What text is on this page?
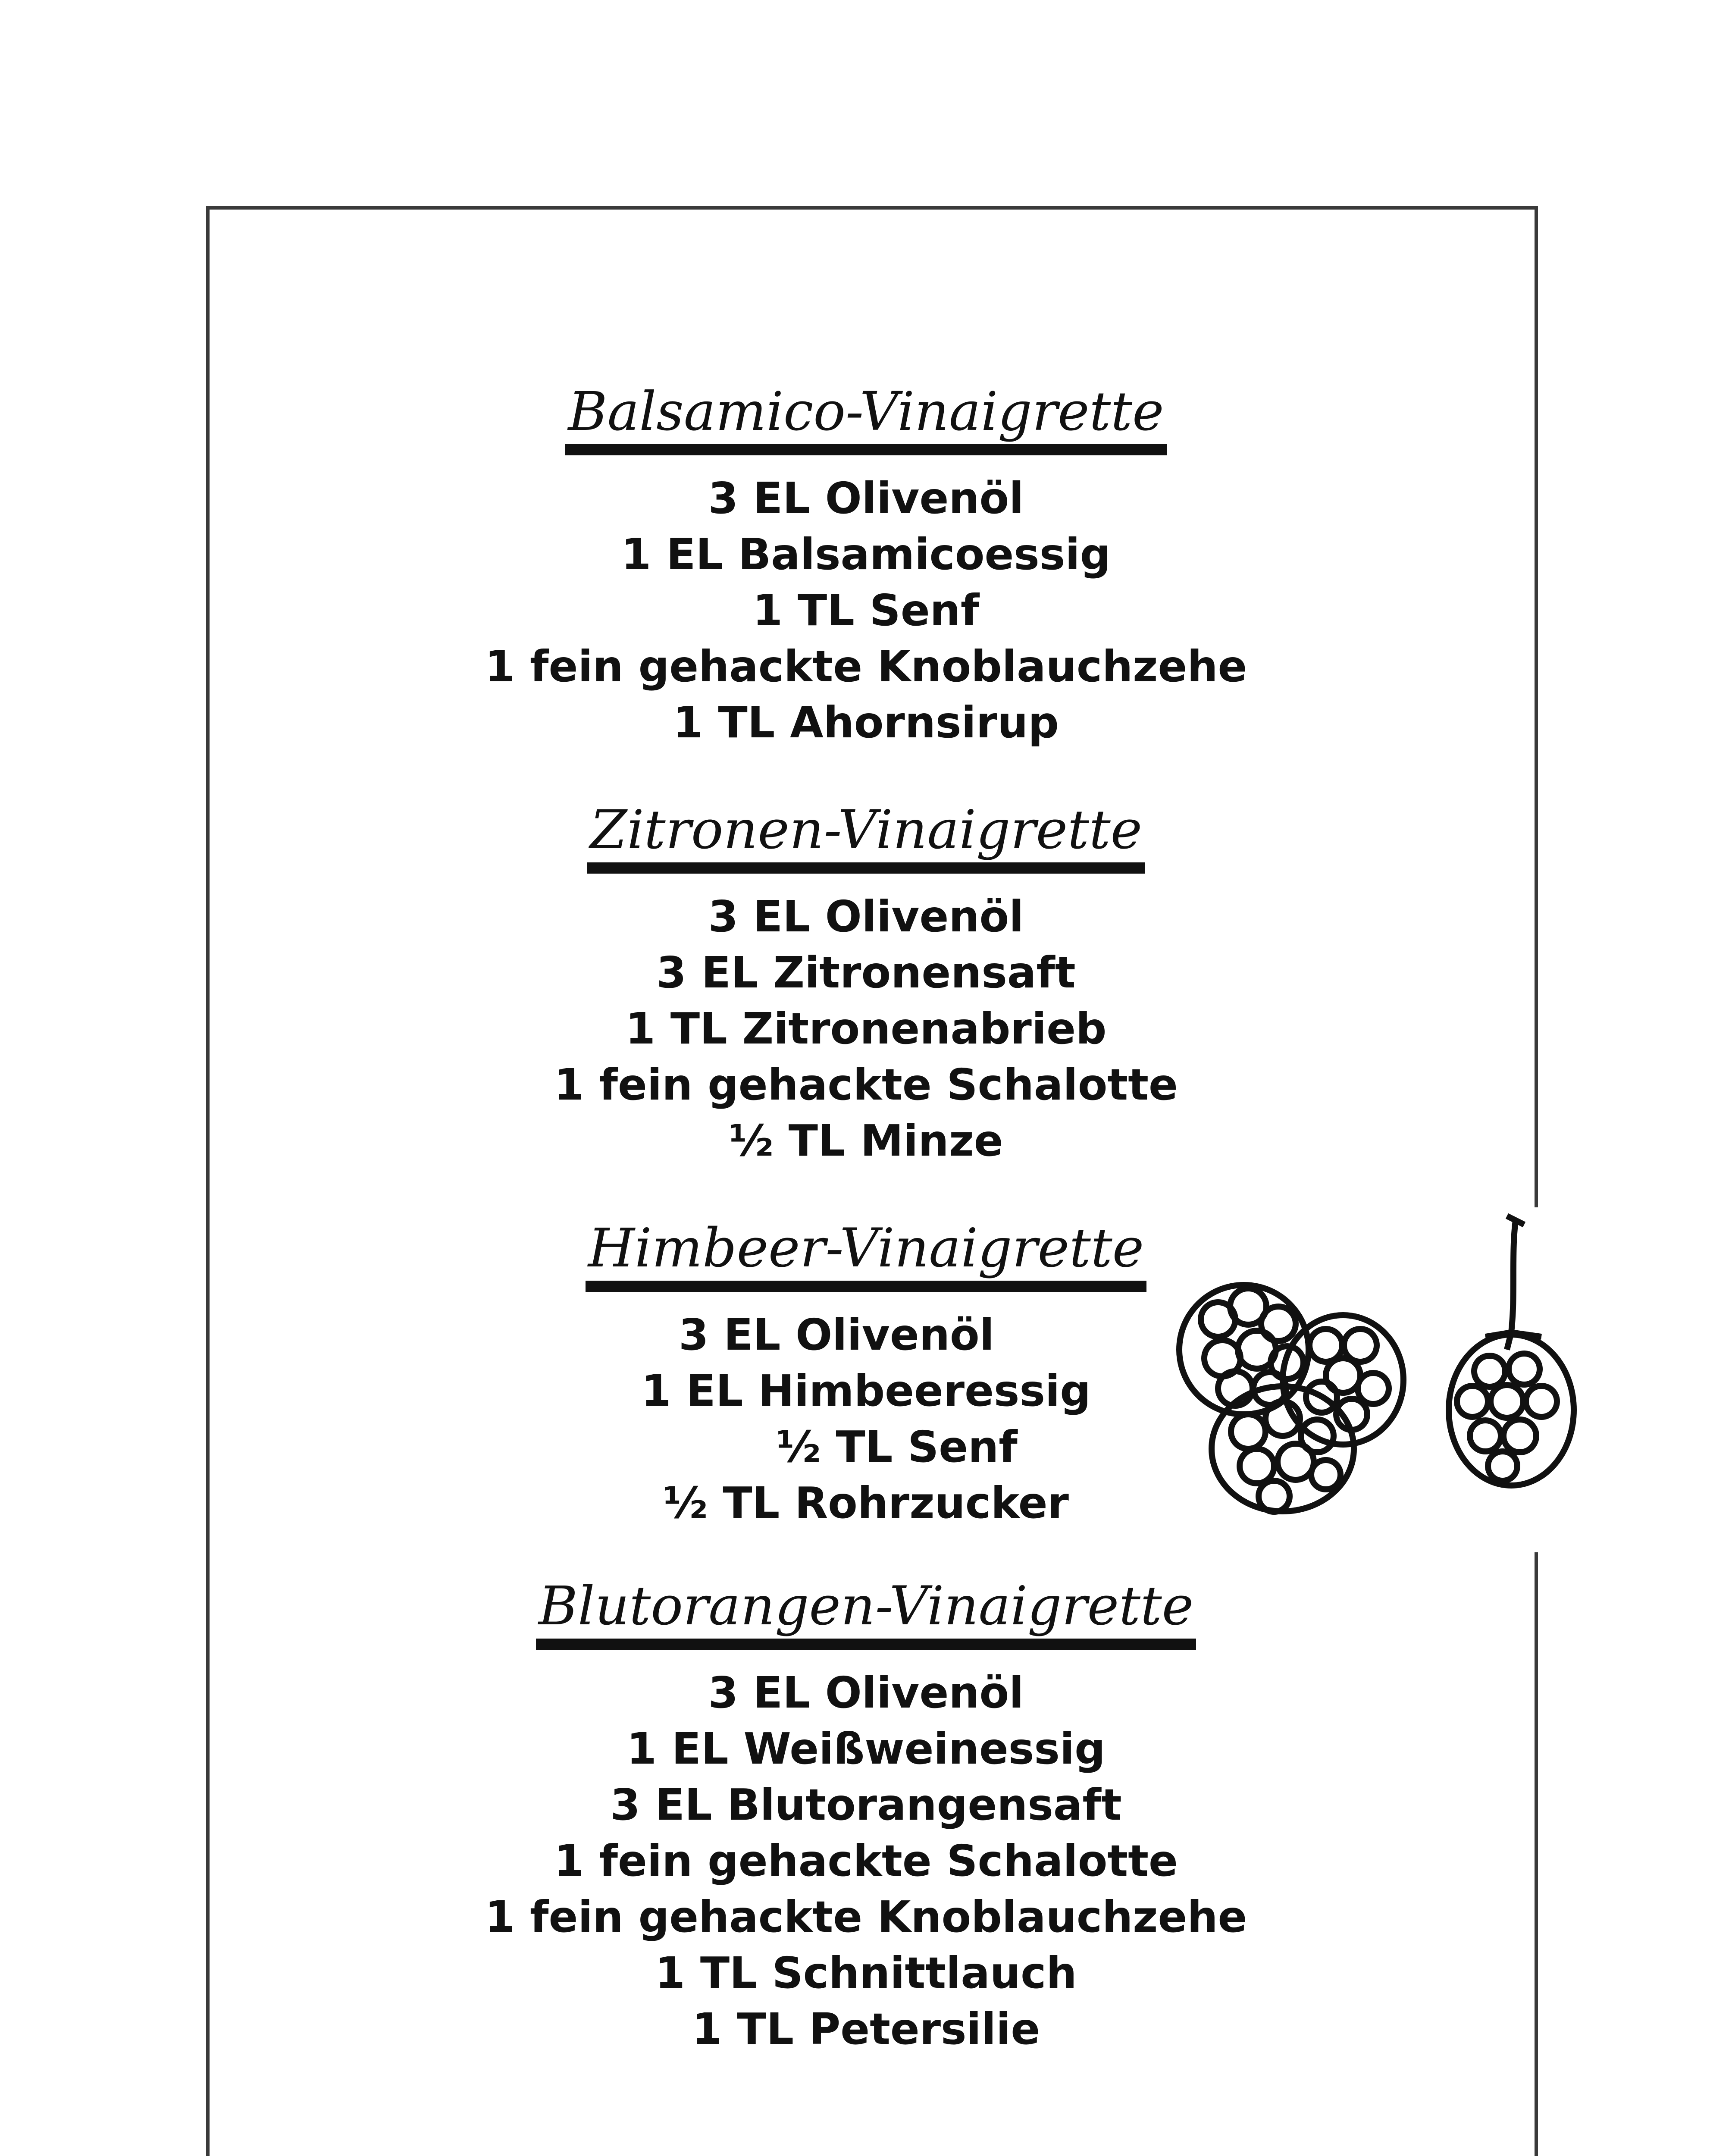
Balsamico-Vinaigrette
3 EL Olivenöl
1 EL Balsamicoessig
1 TL Senf
1 fein gehackte Knoblauchzehe
1 TL Ahornsirup
Zitronen-Vinaigrette
3 EL Olivenöl
3 EL Zitronensaft
1 TL Zitronenabrieb
1 fein gehackte Schalotte
½ TL Minze
Himbeer-Vinaigrette
3 EL Olivenöl
1 EL Himbeeressig
½ TL Senf
½ TL Rohrzucker
Blutorangen-Vinaigrette
3 EL Olivenöl
1 EL Weißweinessig
3 EL Blutorangensaft
1 fein gehackte Schalotte
1 fein gehackte Knoblauchzehe
1 TL Schnittlauch
1 TL Petersilie
